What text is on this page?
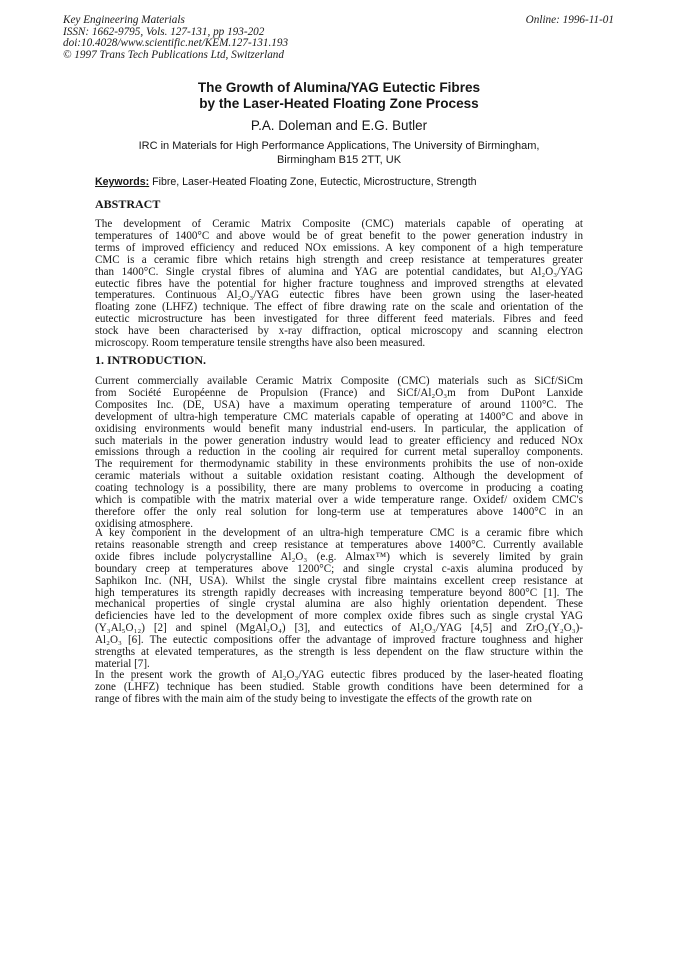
Key Engineering Materials
ISSN: 1662-9795, Vols. 127-131, pp 193-202
doi:10.4028/www.scientific.net/KEM.127-131.193
© 1997 Trans Tech Publications Ltd, Switzerland
Online: 1996-11-01
The Growth of Alumina/YAG Eutectic Fibres
by the Laser-Heated Floating Zone Process
P.A. Doleman and E.G. Butler
IRC in Materials for High Performance Applications, The University of Birmingham,
Birmingham B15 2TT, UK
Keywords: Fibre, Laser-Heated Floating Zone, Eutectic, Microstructure, Strength
ABSTRACT
The development of Ceramic Matrix Composite (CMC) materials capable of operating at
temperatures of 1400°C and above would be of great benefit to the power generation industry in
terms of improved efficiency and reduced NOx emissions. A key component of a high temperature
CMC is a ceramic fibre which retains high strength and creep resistance at temperatures greater
than 1400°C. Single crystal fibres of alumina and YAG are potential candidates, but Al₂O₃/YAG
eutectic fibres have the potential for higher fracture toughness and improved strengths at elevated
temperatures. Continuous Al₂O₃/YAG eutectic fibres have been grown using the laser-heated
floating zone (LHFZ) technique. The effect of fibre drawing rate on the scale and orientation of the
eutectic microstructure has been investigated for three different feed materials. Fibres and feed
stock have been characterised by x-ray diffraction, optical microscopy and scanning electron
microscopy. Room temperature tensile strengths have also been measured.
1. INTRODUCTION.
Current commercially available Ceramic Matrix Composite (CMC) materials such as SiCf/SiCm
from Société Européenne de Propulsion (France) and SiCf/Al₂O₃m from DuPont Lanxide
Composites Inc. (DE, USA) have a maximum operating temperature of around 1100°C. The
development of ultra-high temperature CMC materials capable of operating at 1400°C and above in
oxidising environments would benefit many industrial end-users. In particular, the application of
such materials in the power generation industry would lead to greater efficiency and reduced NOx
emissions through a reduction in the cooling air required for current metal superalloy components.
The requirement for thermodynamic stability in these environments prohibits the use of non-oxide
ceramic materials without a suitable oxidation resistant coating. Although the development of
coating technology is a possibility, there are many problems to overcome in producing a coating
which is compatible with the matrix material over a wide temperature range. Oxidef/ oxidem CMC's
therefore offer the only real solution for long-term use at temperatures above 1400°C in an
oxidising atmosphere.
A key component in the development of an ultra-high temperature CMC is a ceramic fibre which
retains reasonable strength and creep resistance at temperatures above 1400°C. Currently available
oxide fibres include polycrystalline Al₂O₃ (e.g. Almax™) which is severely limited by grain
boundary creep at temperatures above 1200°C; and single crystal c-axis alumina produced by
Saphikon Inc. (NH, USA). Whilst the single crystal fibre maintains excellent creep resistance at
high temperatures its strength rapidly decreases with increasing temperature beyond 800°C [1]. The
mechanical properties of single crystal alumina are also highly orientation dependent. These
deficiencies have led to the development of more complex oxide fibres such as single crystal YAG
(Y₃Al₅O₁₂) [2] and spinel (MgAl₂O₄) [3], and eutectics of Al₂O₃/YAG [4,5] and ZrO₂(Y₂O₃)-
Al₂O₃ [6]. The eutectic compositions offer the advantage of improved fracture toughness and higher
strengths at elevated temperatures, as the strength is less dependent on the flaw structure within the
material [7].
In the present work the growth of Al₂O₃/YAG eutectic fibres produced by the laser-heated floating
zone (LHFZ) technique has been studied. Stable growth conditions have been determined for a
range of fibres with the main aim of the study being to investigate the effects of the growth rate on
